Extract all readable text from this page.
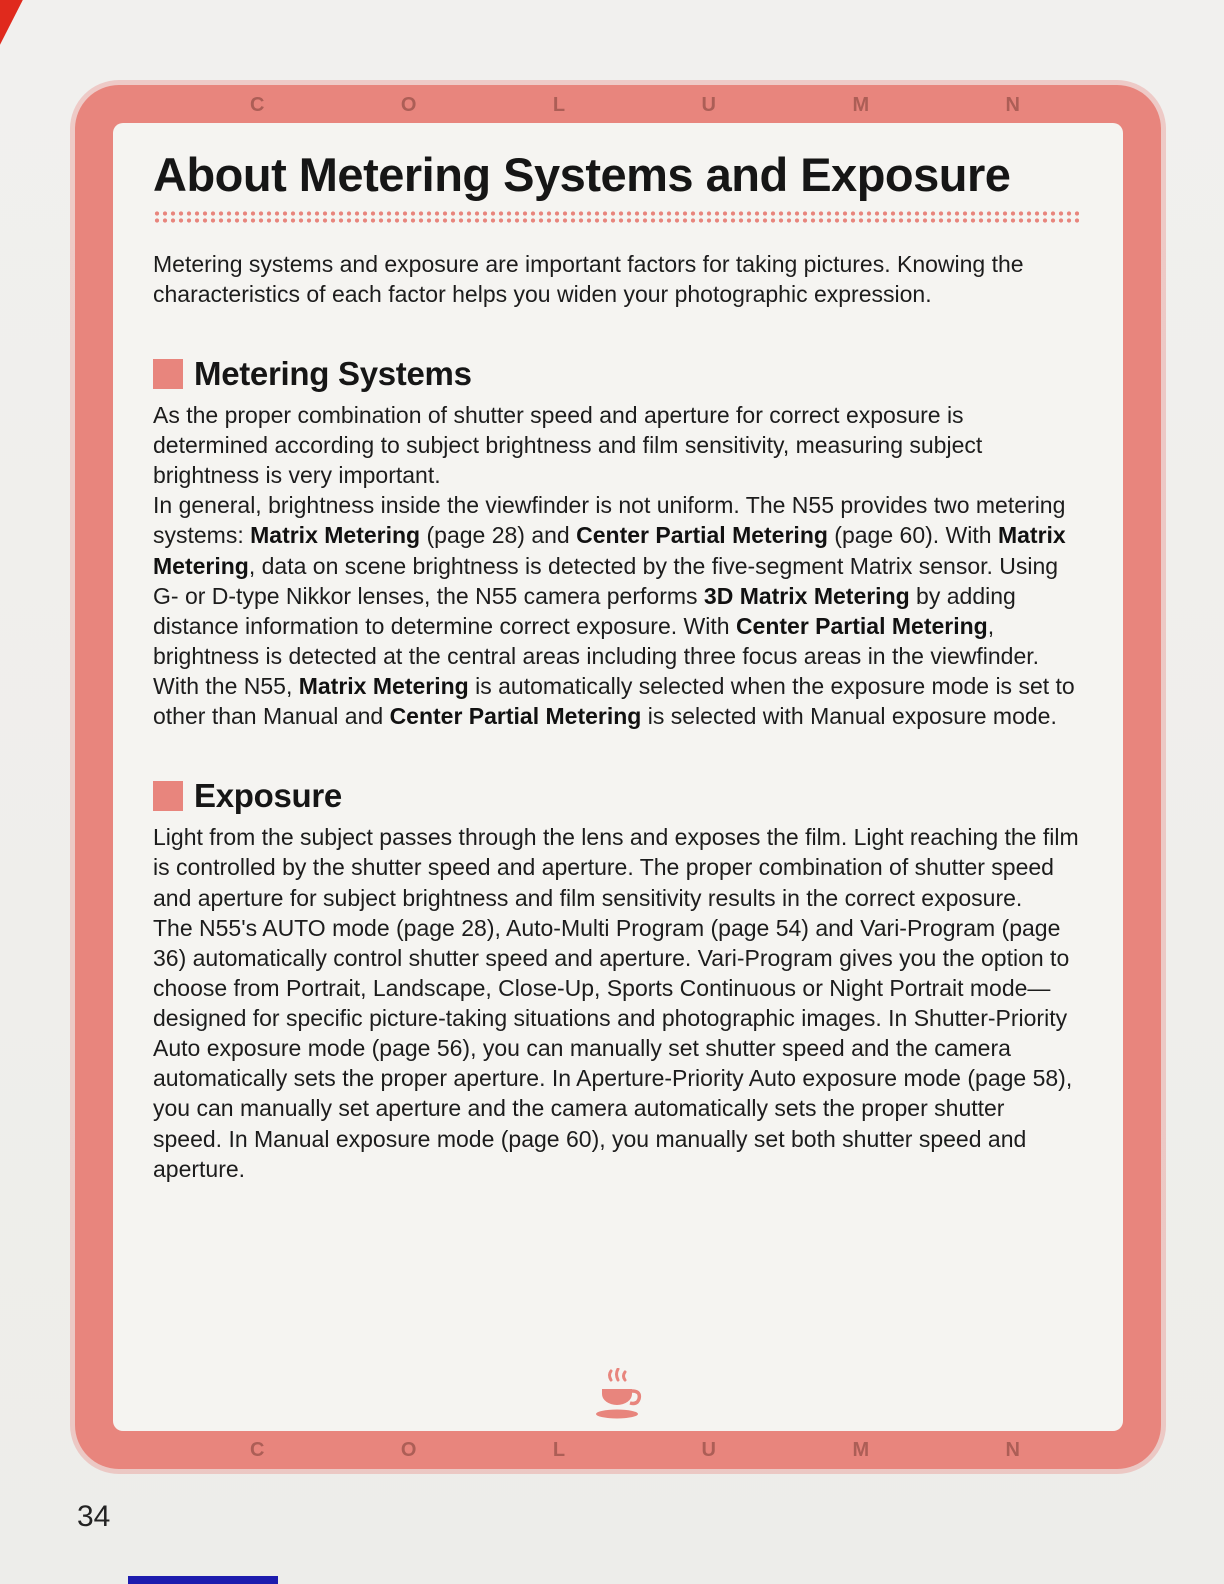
C	O	L	U	M	N
About Metering Systems and Exposure
Metering systems and exposure are important factors for taking pictures. Knowing the characteristics of each factor helps you widen your photographic expression.
Metering Systems

As the proper combination of shutter speed and aperture for correct exposure is determined according to subject brightness and film sensitivity, measuring subject brightness is very important.

In general, brightness inside the viewfinder is not uniform. The N55 provides two metering systems: Matrix Metering (page 28) and Center Partial Metering (page 60). With Matrix Metering, data on scene brightness is detected by the five-segment Matrix sensor. Using G- or D-type Nikkor lenses, the N55 camera performs 3D Matrix Metering by adding distance information to determine correct exposure. With Center Partial Metering, brightness is detected at the central areas including three focus areas in the viewfinder. With the N55, Matrix Metering is automatically selected when the exposure mode is set to other than Manual and Center Partial Metering is selected with Manual exposure mode.

Exposure

Light from the subject passes through the lens and exposes the film. Light reaching the film is controlled by the shutter speed and aperture. The proper combination of shutter speed and aperture for subject brightness and film sensitivity results in the correct exposure.

The N55's AUTO mode (page 28), Auto-Multi Program (page 54) and Vari-Program (page 36) automatically control shutter speed and aperture. Vari-Program gives you the option to choose from Portrait, Landscape, Close-Up, Sports Continuous or Night Portrait mode—designed for specific picture-taking situations and photographic images. In Shutter-Priority Auto exposure mode (page 56), you can manually set shutter speed and the camera automatically sets the proper aperture. In Aperture-Priority Auto exposure mode (page 58), you can manually set aperture and the camera automatically sets the proper shutter speed. In Manual exposure mode (page 60), you manually set both shutter speed and aperture.

C	O	L	U	M	N
34
